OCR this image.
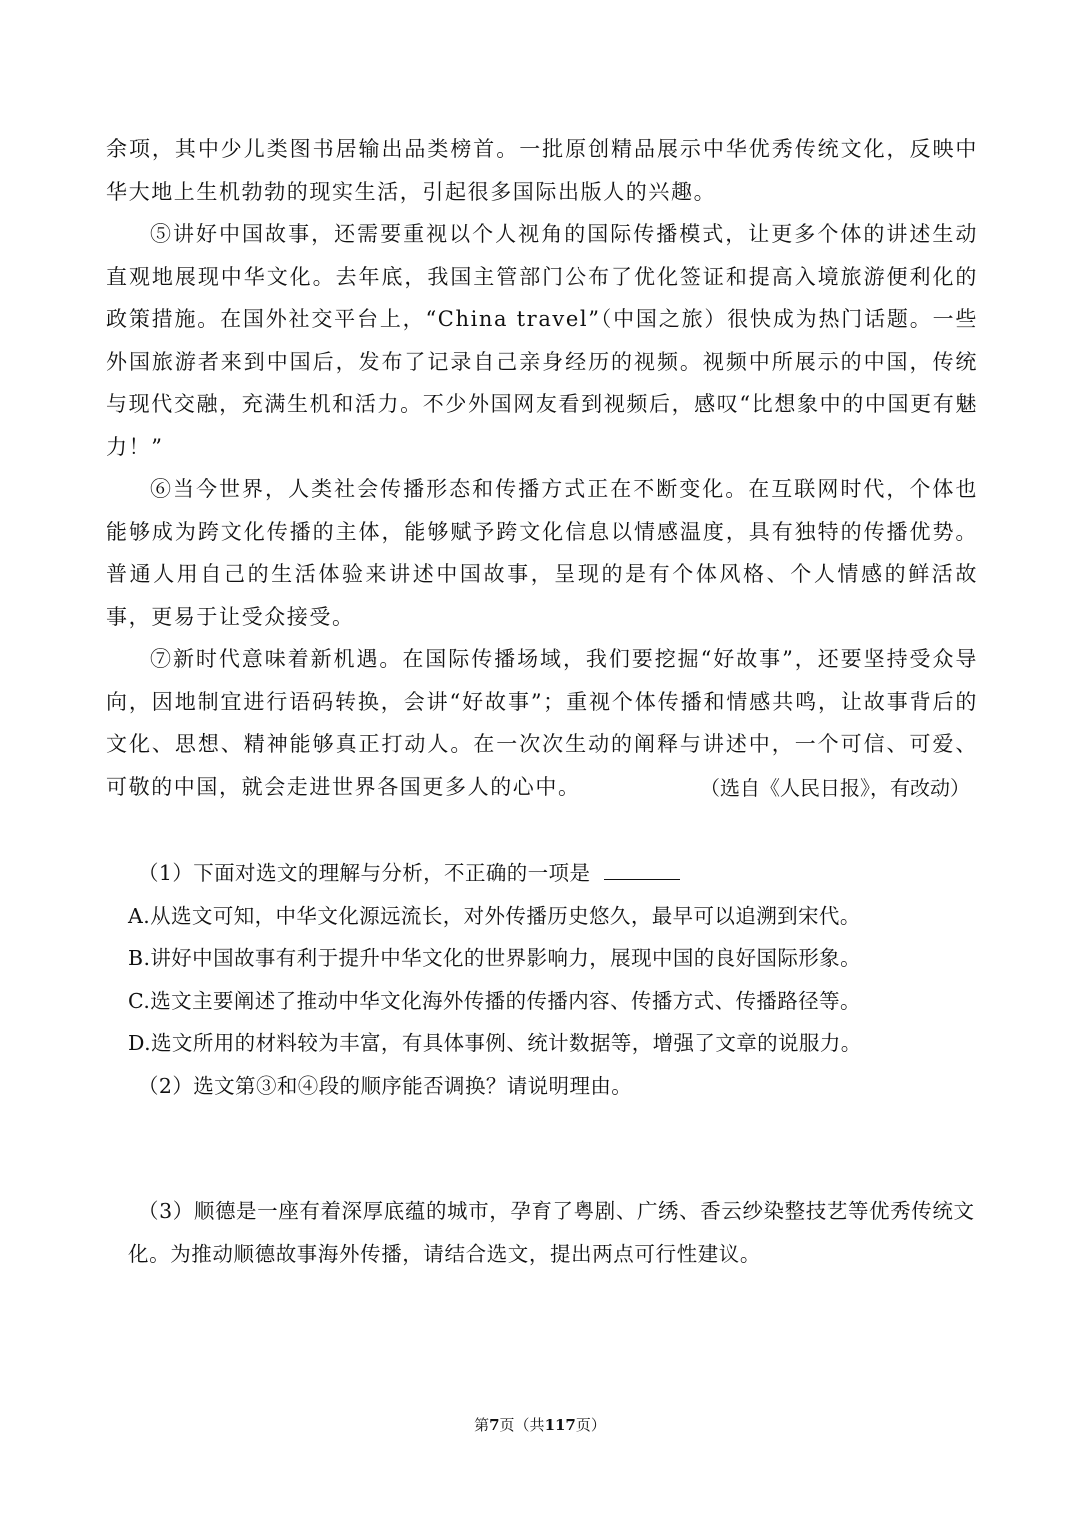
余项，其中少儿类图书居输出品类榜首。一批原创精品展示中华优秀传统文化，反映中华大地上生机勃勃的现实生活，引起很多国际出版人的兴趣。

⑤讲好中国故事，还需要重视以个人视角的国际传播模式，让更多个体的讲述生动直观地展现中华文化。去年底，我国主管部门公布了优化签证和提高入境旅游便利化的政策措施。在国外社交平台上，“China travel”（中国之旅）很快成为热门话题。一些外国旅游者来到中国后，发布了记录自己亲身经历的视频。视频中所展示的中国，传统与现代交融，充满生机和活力。不少外国网友看到视频后，感叹“比想象中的中国更有魅力！”

⑥当今世界，人类社会传播形态和传播方式正在不断变化。在互联网时代，个体也能够成为跨文化传播的主体，能够赋予跨文化信息以情感温度，具有独特的传播优势。普通人用自己的生活体验来讲述中国故事，呈现的是有个体风格、个人情感的鲜活故事，更易于让受众接受。

⑦新时代意味着新机遇。在国际传播场域，我们要挖掘“好故事”，还要坚持受众导向，因地制宜进行语码转换，会讲“好故事”；重视个体传播和情感共鸣，让故事背后的文化、思想、精神能够真正打动人。在一次次生动的阐释与讲述中，一个可信、可爱、可敬的中国，就会走进世界各国更多人的心中。	（选自《人民日报》，有改动）

（1）下面对选文的理解与分析，不正确的一项是

A.从选文可知，中华文化源远流长，对外传播历史悠久，最早可以追溯到宋代。

B.讲好中国故事有利于提升中华文化的世界影响力，展现中国的良好国际形象。

C.选文主要阐述了推动中华文化海外传播的传播内容、传播方式、传播路径等。

D.选文所用的材料较为丰富，有具体事例、统计数据等，增强了文章的说服力。

（2）选文第③和④段的顺序能否调换？请说明理由。

（3）顺德是一座有着深厚底蕴的城市，孕育了粤剧、广绣、香云纱染整技艺等优秀传统文

化。为推动顺德故事海外传播，请结合选文，提出两点可行性建议。

第7页（共117页）
